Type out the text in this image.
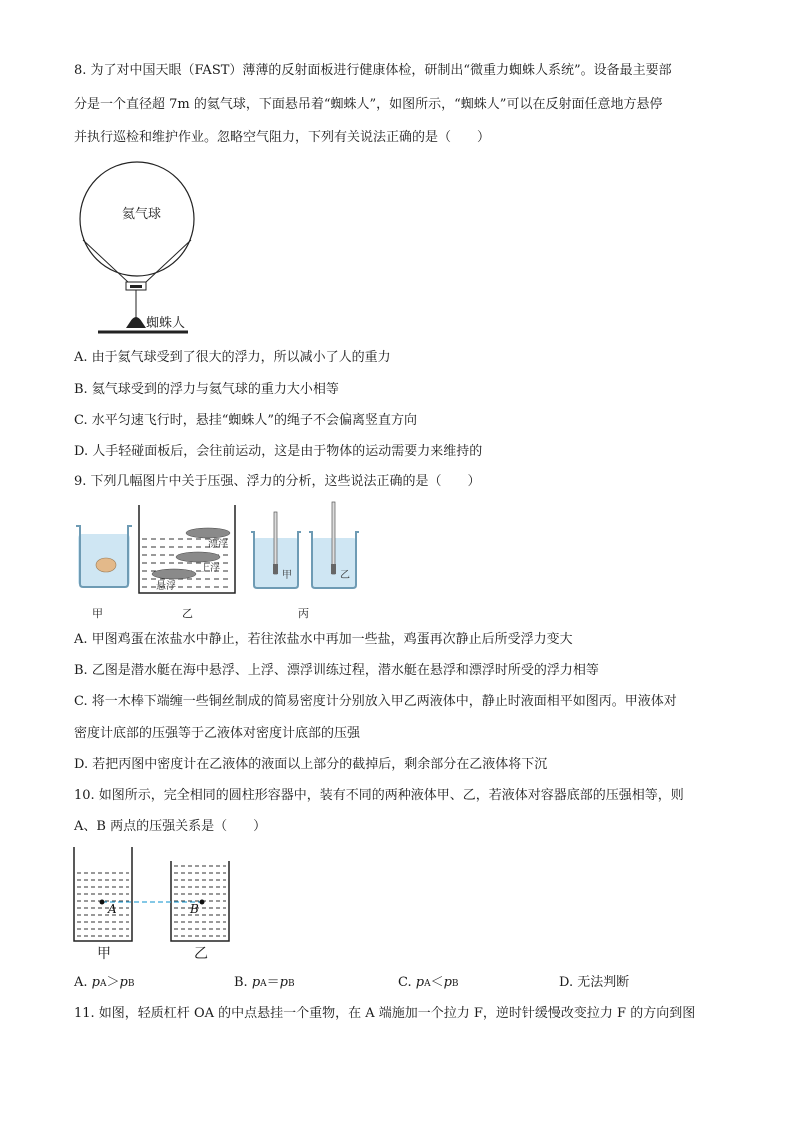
8. 为了对中国天眼（FAST）薄薄的反射面板进行健康体检，研制出“微重力蜘蛛人系统”。设备最主要部
分是一个直径超 7m 的氦气球，下面悬吊着“蜘蛛人”，如图所示，“蜘蛛人”可以在反射面任意地方悬停
并执行巡检和维护作业。忽略空气阻力，下列有关说法正确的是（　　）
氦气球
蜘蛛人
A. 由于氦气球受到了很大的浮力，所以减小了人的重力
B. 氦气球受到的浮力与氦气球的重力大小相等
C. 水平匀速飞行时，悬挂“蜘蛛人”的绳子不会偏离竖直方向
D. 人手轻碰面板后，会往前运动，这是由于物体的运动需要力来维持的
9. 下列几幅图片中关于压强、浮力的分析，这些说法正确的是（　　）
漂浮
上浮
悬浮
甲	乙
甲	乙	丙
A. 甲图鸡蛋在浓盐水中静止，若往浓盐水中再加一些盐，鸡蛋再次静止后所受浮力变大
B. 乙图是潜水艇在海中悬浮、上浮、漂浮训练过程，潜水艇在悬浮和漂浮时所受的浮力相等
C. 将一木棒下端缠一些铜丝制成的简易密度计分别放入甲乙两液体中，静止时液面相平如图丙。甲液体对
密度计底部的压强等于乙液体对密度计底部的压强
D. 若把丙图中密度计在乙液体的液面以上部分的截掉后，剩余部分在乙液体将下沉
10. 如图所示，完全相同的圆柱形容器中，装有不同的两种液体甲、乙，若液体对容器底部的压强相等，则
A、B 两点的压强关系是（　　）
A	B
甲	乙
A. pA＞pB	B. pA＝pB	C. pA＜pB	D. 无法判断
11. 如图，轻质杠杆 OA 的中点悬挂一个重物，在 A 端施加一个拉力 F，逆时针缓慢改变拉力 F 的方向到图
